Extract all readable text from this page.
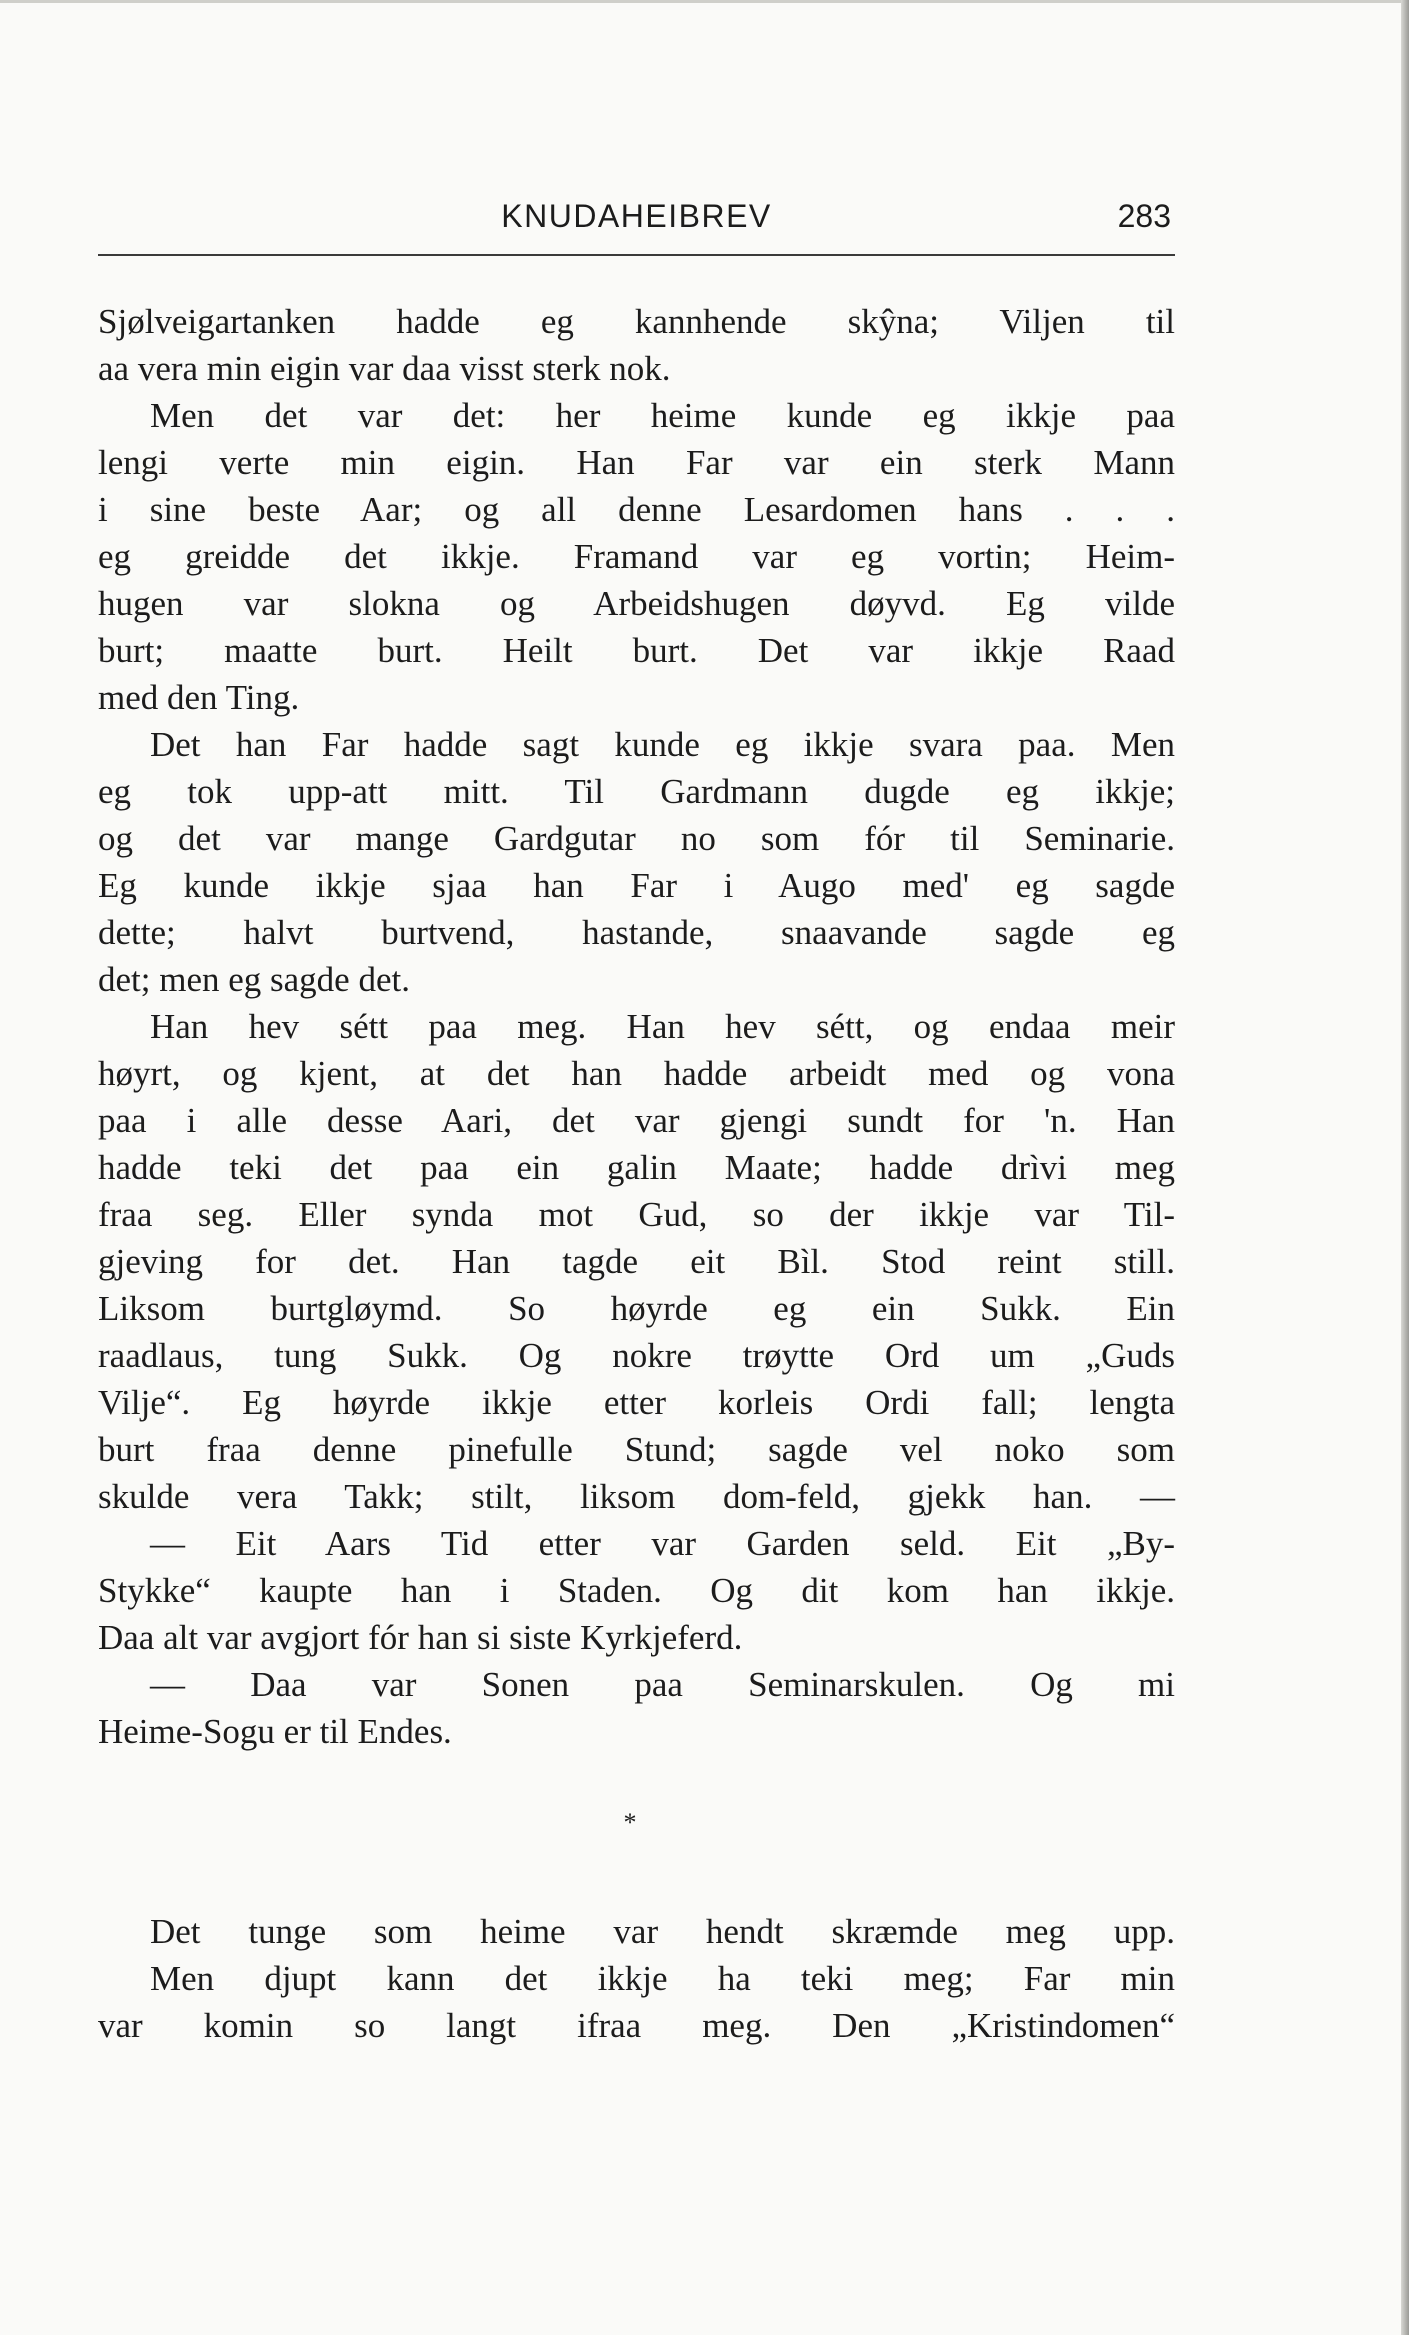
KNUDAHEIBREV	283
Sjølveigartanken hadde eg kannhende skŷna; Viljen til
aa vera min eigin var daa visst sterk nok.
Men det var det: her heime kunde eg ikkje paa
lengi verte min eigin. Han Far var ein sterk Mann
i sine beste Aar; og all denne Lesardomen hans . . .
eg greidde det ikkje. Framand var eg vortin; Heim-
hugen var slokna og Arbeidshugen døyvd. Eg vilde
burt; maatte burt. Heilt burt. Det var ikkje Raad
med den Ting.
Det han Far hadde sagt kunde eg ikkje svara paa. Men
eg tok upp-att mitt. Til Gardmann dugde eg ikkje;
og det var mange Gardgutar no som fór til Seminarie.
Eg kunde ikkje sjaa han Far i Augo med' eg sagde
dette; halvt burtvend, hastande, snaavande sagde eg
det; men eg sagde det.
Han hev sétt paa meg. Han hev sétt, og endaa meir
høyrt, og kjent, at det han hadde arbeidt med og vona
paa i alle desse Aari, det var gjengi sundt for 'n. Han
hadde teki det paa ein galin Maate; hadde drìvi meg
fraa seg. Eller synda mot Gud, so der ikkje var Til-
gjeving for det. Han tagde eit Bìl. Stod reint still.
Liksom burtgløymd. So høyrde eg ein Sukk. Ein
raadlaus, tung Sukk. Og nokre trøytte Ord um „Guds
Vilje“. Eg høyrde ikkje etter korleis Ordi fall; lengta
burt fraa denne pinefulle Stund; sagde vel noko som
skulde vera Takk; stilt, liksom dom-feld, gjekk han. —
— Eit Aars Tid etter var Garden seld. Eit „By-
Stykke“ kaupte han i Staden. Og dit kom han ikkje.
Daa alt var avgjort fór han si siste Kyrkjeferd.
— Daa var Sonen paa Seminarskulen. Og mi
Heime-Sogu er til Endes.
*
Det tunge som heime var hendt skræmde meg upp.
Men djupt kann det ikkje ha teki meg; Far min
var komin so langt ifraa meg. Den „Kristindomen“
